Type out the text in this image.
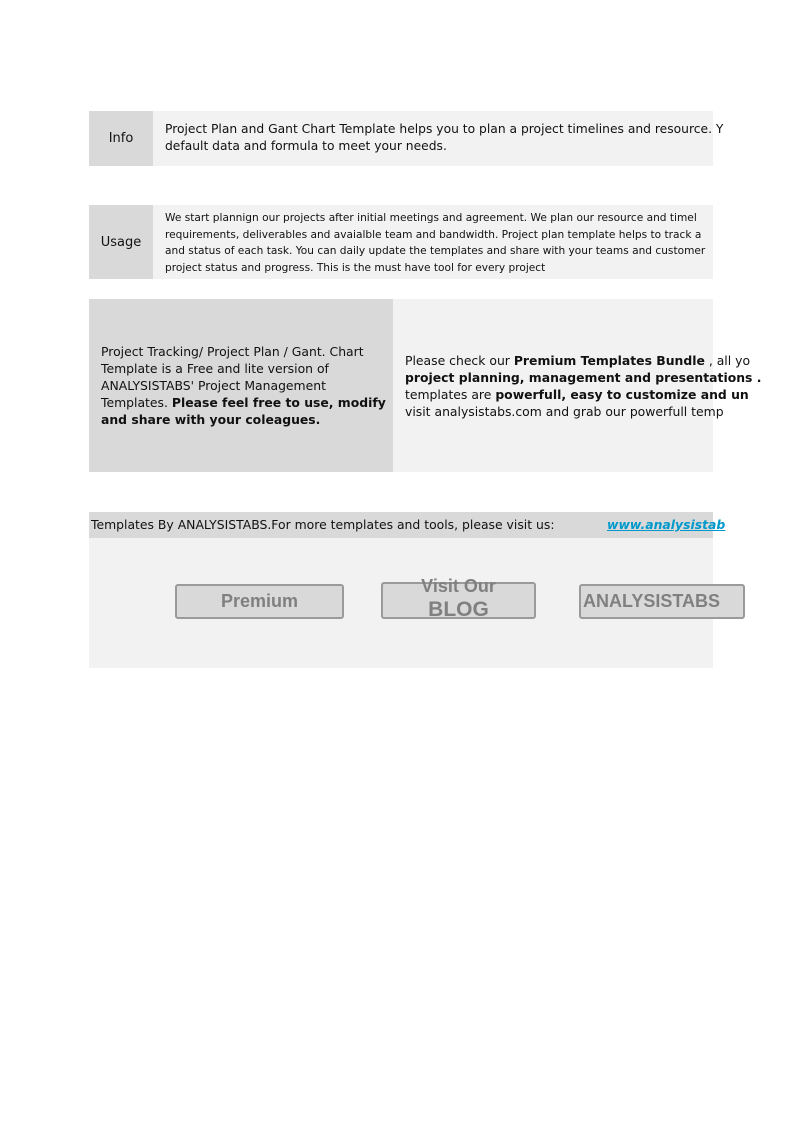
Info
Project Plan and Gant Chart Template helps you to plan a project timelines and resource. Y
default data and formula to meet your needs.
Usage
We start plannign our projects after initial meetings and agreement. We plan our resource and timel
requirements, deliverables and avaialble team and bandwidth. Project plan template helps to track a
and status of each task. You can daily update the templates and share with your teams and customer
project status and progress. This is the must have tool for every project
Project Tracking/ Project Plan / Gant. Chart Template is a Free and lite version of ANALYSISTABS' Project Management Templates. Please feel free to use, modify and share with your coleagues.
Please check our Premium Templates Bundle , all yo
project planning, management and presentations .
templates are powerfull, easy to customize and un
visit analysistabs.com and grab our powerfull temp
Templates By ANALYSISTABS.For more templates and tools, please visit us:	www.analysistab
Premium
Visit Our
BLOG	ANALYSISTABS
